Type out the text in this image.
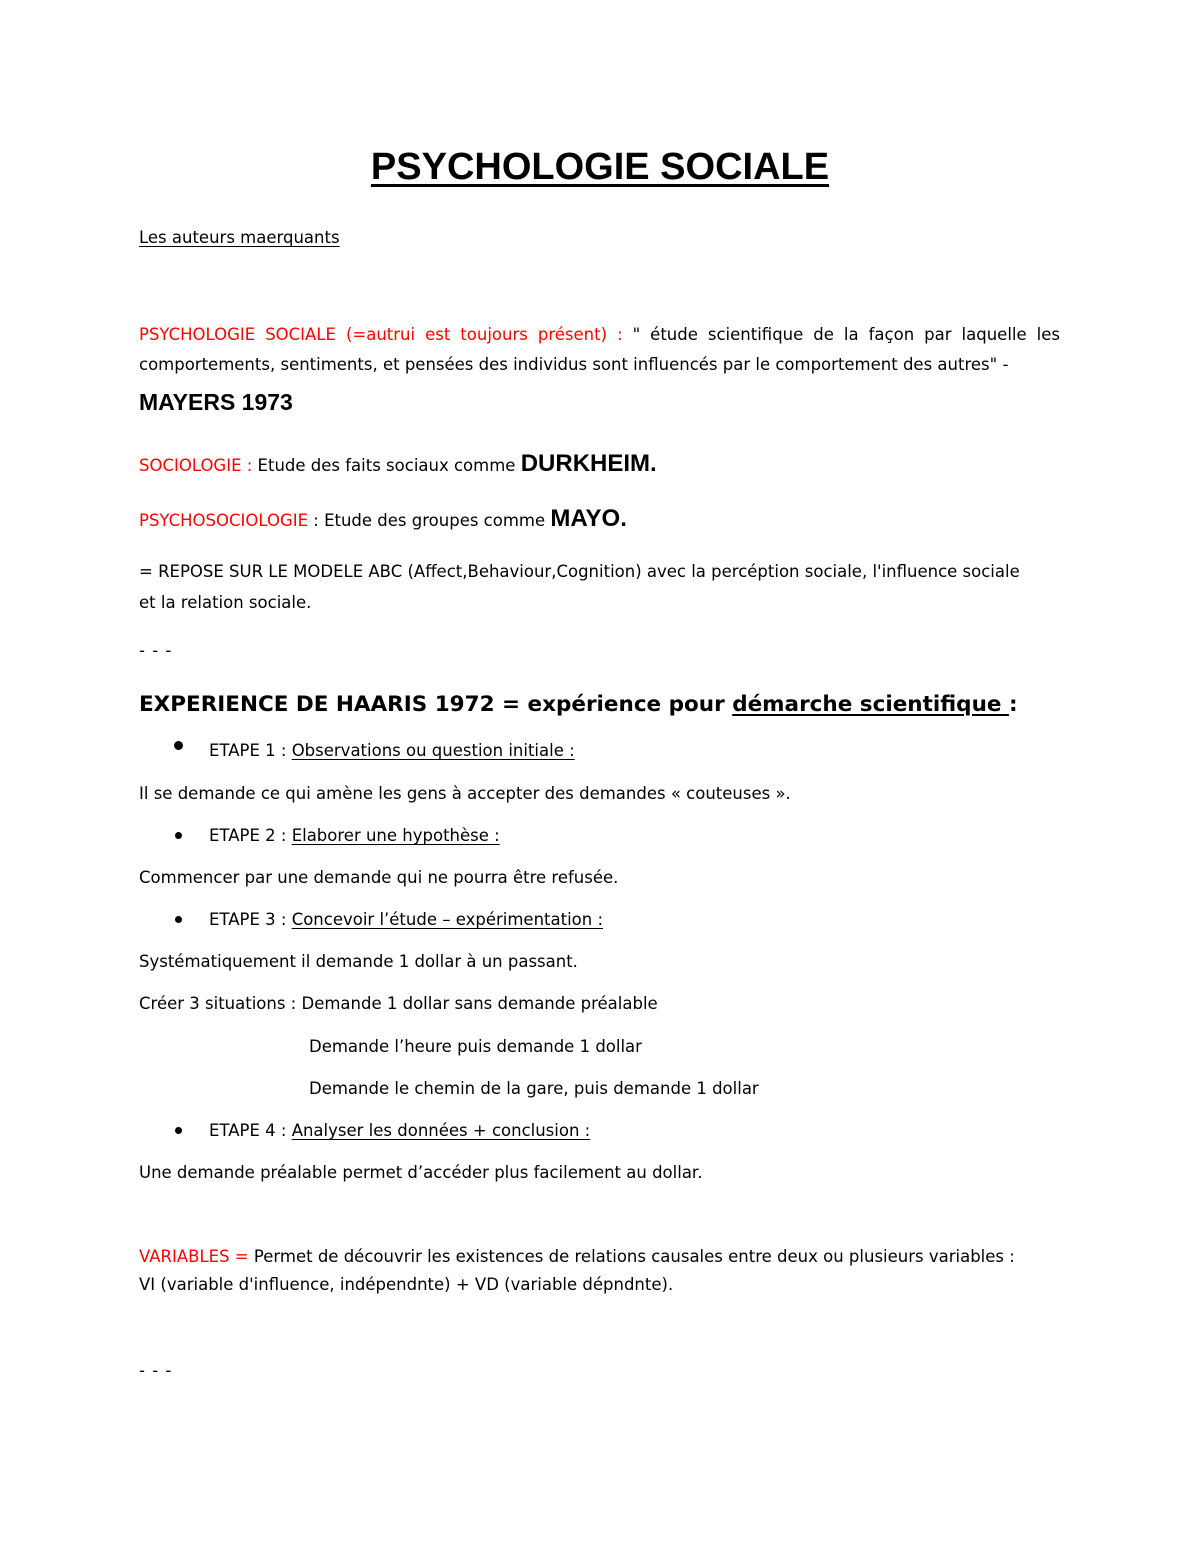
PSYCHOLOGIE SOCIALE
Les auteurs maerquants
PSYCHOLOGIE SOCIALE (=autrui est toujours présent) : " étude scientifique de la façon par laquelle les
comportements, sentiments, et pensées des individus sont influencés par le comportement des autres" -
MAYERS 1973
SOCIOLOGIE : Etude des faits sociaux comme DURKHEIM.
PSYCHOSOCIOLOGIE : Etude des groupes comme MAYO.
= REPOSE SUR LE MODELE ABC (Affect,Behaviour,Cognition) avec la percéption sociale, l'influence sociale
et la relation sociale.
- - -
EXPERIENCE DE HAARIS 1972 = expérience pour démarche scientifique :
ETAPE 1 : Observations ou question initiale :
Il se demande ce qui amène les gens à accepter des demandes « couteuses ».
ETAPE 2 : Elaborer une hypothèse :
Commencer par une demande qui ne pourra être refusée.
ETAPE 3 : Concevoir l’étude – expérimentation :
Systématiquement il demande 1 dollar à un passant.
Créer 3 situations : Demande 1 dollar sans demande préalable
Demande l’heure puis demande 1 dollar
Demande le chemin de la gare, puis demande 1 dollar
ETAPE 4 : Analyser les données + conclusion :
Une demande préalable permet d’accéder plus facilement au dollar.
VARIABLES = Permet de découvrir les existences de relations causales entre deux ou plusieurs variables :
VI (variable d'influence, indépendnte) + VD (variable dépndnte).
- - -
